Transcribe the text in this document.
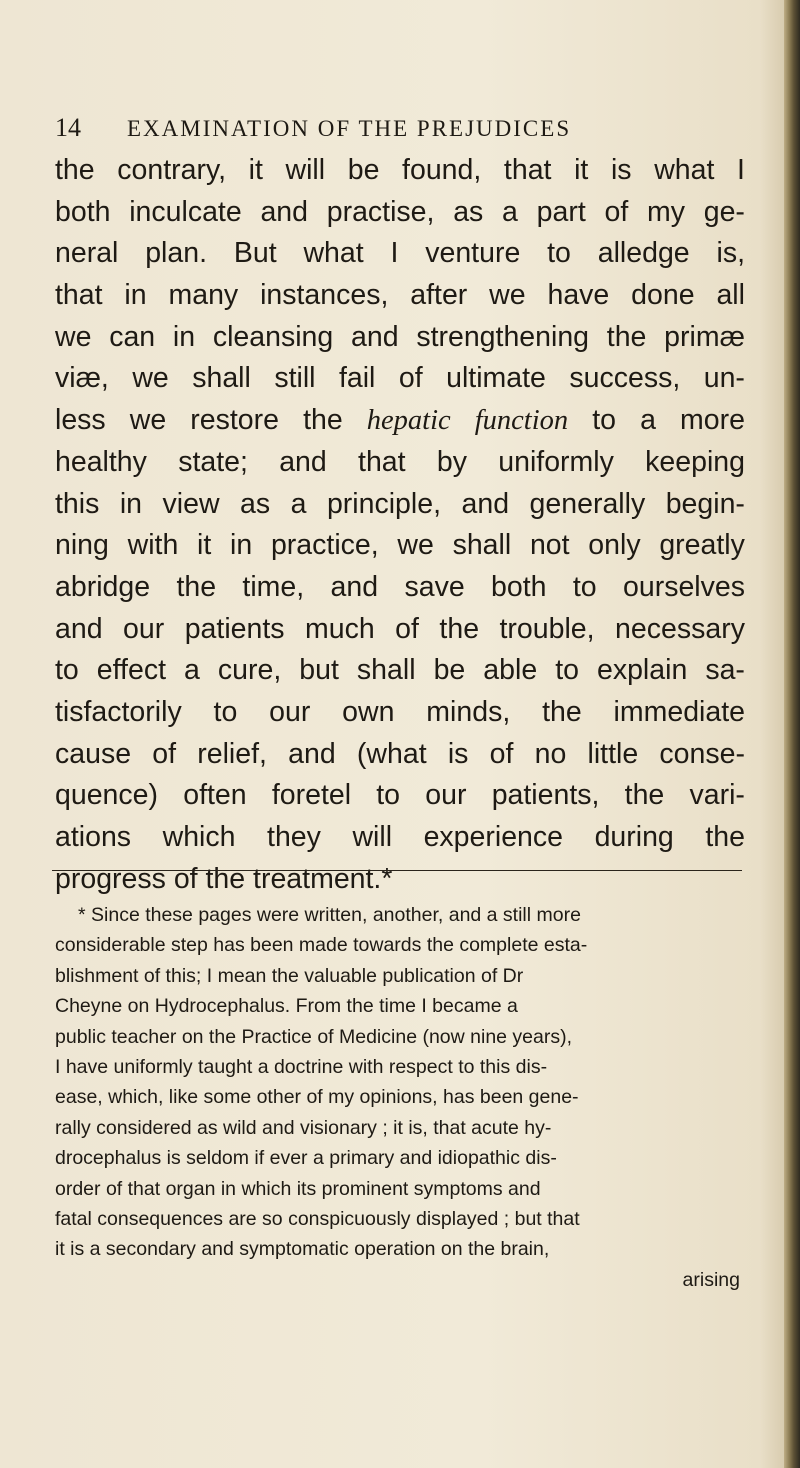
14 EXAMINATION OF THE PREJUDICES
the contrary, it will be found, that it is what I
both inculcate and practise, as a part of my ge-
neral plan. But what I venture to alledge is,
that in many instances, after we have done all
we can in cleansing and strengthening the primæ
viæ, we shall still fail of ultimate success, un-
less we restore the hepatic function to a more
healthy state; and that by uniformly keeping
this in view as a principle, and generally begin-
ning with it in practice, we shall not only greatly
abridge the time, and save both to ourselves
and our patients much of the trouble, necessary
to effect a cure, but shall be able to explain sa-
tisfactorily to our own minds, the immediate
cause of relief, and (what is of no little conse-
quence) often foretel to our patients, the vari-
ations which they will experience during the
progress of the treatment.*
* Since these pages were written, another, and a still more
considerable step has been made towards the complete esta-
blishment of this; I mean the valuable publication of Dr
Cheyne on Hydrocephalus. From the time I became a
public teacher on the Practice of Medicine (now nine years),
I have uniformly taught a doctrine with respect to this dis-
ease, which, like some other of my opinions, has been gene-
rally considered as wild and visionary ; it is, that acute hy-
drocephalus is seldom if ever a primary and idiopathic dis-
order of that organ in which its prominent symptoms and
fatal consequences are so conspicuously displayed ; but that
it is a secondary and symptomatic operation on the brain,
arising
